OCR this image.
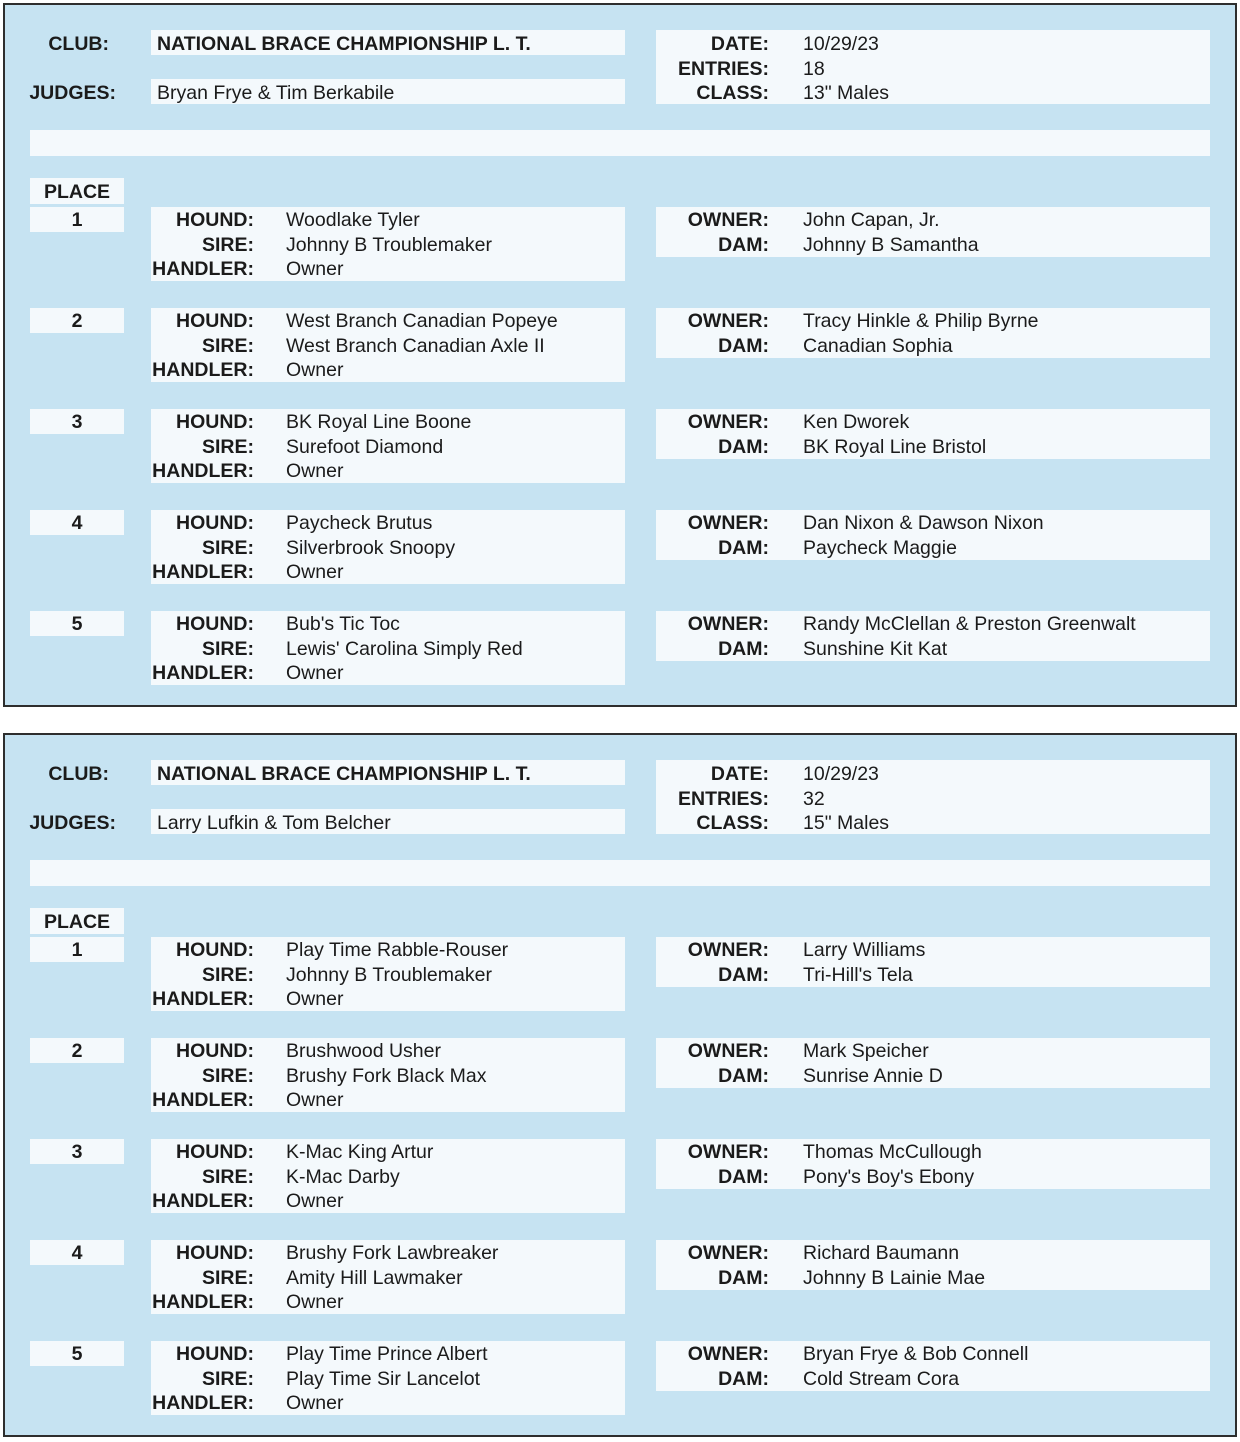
CLUB: NATIONAL BRACE CHAMPIONSHIP L. T.
JUDGES: Bryan Frye & Tim Berkabile
DATE: 10/29/23
ENTRIES: 18
CLASS: 13" Males
PLACE
1	HOUND: Woodlake Tyler
SIRE: Johnny B Troublemaker
HANDLER: Owner
OWNER: John Capan, Jr.
DAM: Johnny B Samantha
2	HOUND: West Branch Canadian Popeye
SIRE: West Branch Canadian Axle II
HANDLER: Owner
OWNER: Tracy Hinkle & Philip Byrne
DAM: Canadian Sophia
3	HOUND: BK Royal Line Boone
SIRE: Surefoot Diamond
HANDLER: Owner
OWNER: Ken Dworek
DAM: BK Royal Line Bristol
4	HOUND: Paycheck Brutus
SIRE: Silverbrook Snoopy
HANDLER: Owner
OWNER: Dan Nixon & Dawson Nixon
DAM: Paycheck Maggie
5	HOUND: Bub's Tic Toc
SIRE: Lewis' Carolina Simply Red
HANDLER: Owner
OWNER: Randy McClellan & Preston Greenwalt
DAM: Sunshine Kit Kat
CLUB: NATIONAL BRACE CHAMPIONSHIP L. T.
JUDGES: Larry Lufkin & Tom Belcher
DATE: 10/29/23
ENTRIES: 32
CLASS: 15" Males
PLACE
1	HOUND: Play Time Rabble-Rouser
SIRE: Johnny B Troublemaker
HANDLER: Owner
OWNER: Larry Williams
DAM: Tri-Hill's Tela
2	HOUND: Brushwood Usher
SIRE: Brushy Fork Black Max
HANDLER: Owner
OWNER: Mark Speicher
DAM: Sunrise Annie D
3	HOUND: K-Mac King Artur
SIRE: K-Mac Darby
HANDLER: Owner
OWNER: Thomas McCullough
DAM: Pony's Boy's Ebony
4	HOUND: Brushy Fork Lawbreaker
SIRE: Amity Hill Lawmaker
HANDLER: Owner
OWNER: Richard Baumann
DAM: Johnny B Lainie Mae
5	HOUND: Play Time Prince Albert
SIRE: Play Time Sir Lancelot
HANDLER: Owner
OWNER: Bryan Frye & Bob Connell
DAM: Cold Stream Cora
